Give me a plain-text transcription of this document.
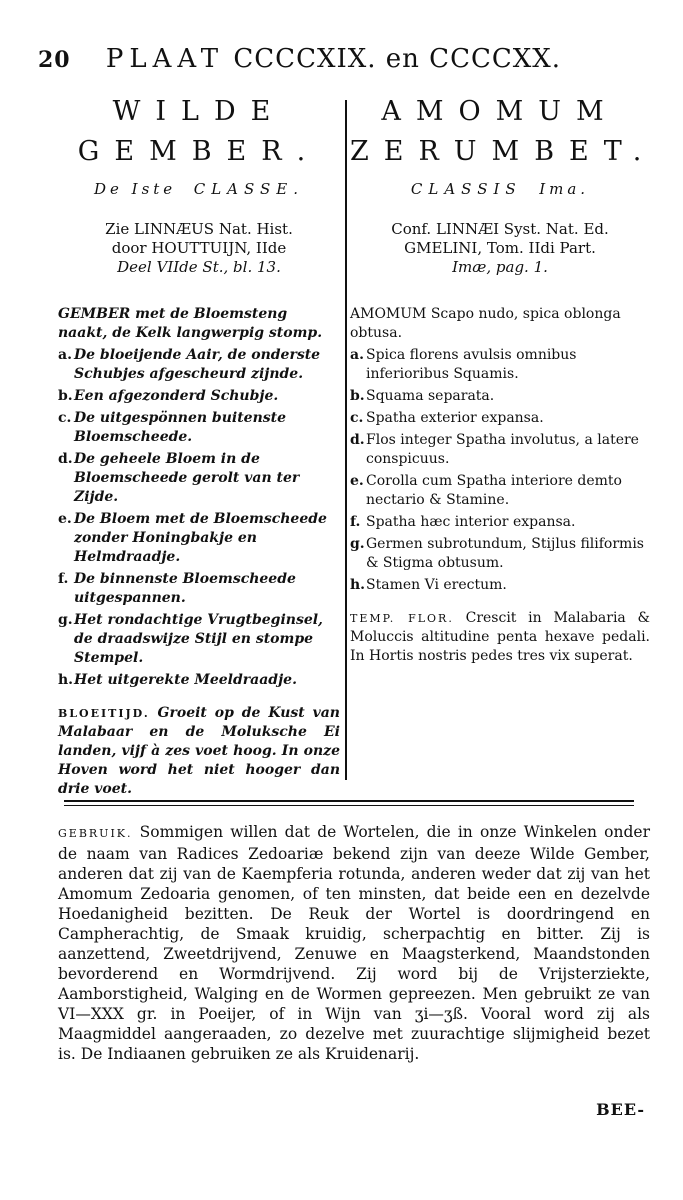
20 PLAAT CCCCXIX. en CCCCXX.
WILDE
GEMBER.
De Iste CLASSE.
Zie LINNÆUS Nat. Hist.
door HOUTTUIJN, IIde
Deel VIIde St., bl. 13.
GEMBER met de Bloemsteng naakt, de Kelk langwerpig stomp.
a. De bloeijende Aair, de onderste Schubjes afgescheurd zijnde.
b. Een afgezonderd Schubje.
c. De uitgespönnen buitenste Bloemscheede.
d. De geheele Bloem in de Bloemscheede gerolt van ter Zijde.
e. De Bloem met de Bloemscheede zonder Honingbakje en Helmdraadje.
f. De binnenste Bloemscheede uitgespannen.
g. Het rondachtige Vrugtbeginsel, de draadswijze Stijl en stompe Stempel.
h. Het uitgerekte Meeldraadje.
BLOEITIJD. Groeit op de Kust van Malabaar en de Moluksche Ei landen, vijf à zes voet hoog. In onze Hoven word het niet hooger dan drie voet.
AMOMUM
ZERUMBET.
CLASSIS Ima.
Conf. LINNÆI Syst. Nat. Ed.
GMELINI, Tom. IIdi Part.
Imæ, pag. 1.
AMOMUM Scapo nudo, spica oblonga obtusa.
a. Spica florens avulsis omnibus inferioribus Squamis.
b. Squama separata.
c. Spatha exterior expansa.
d. Flos integer Spatha involutus, a latere conspicuus.
e. Corolla cum Spatha interiore demto nectario & Stamine.
f. Spatha hæc interior expansa.
g. Germen subrotundum, Stijlus filiformis & Stigma obtusum.
h. Stamen Vi erectum.
TEMP. FLOR. Crescit in Malabaria & Moluccis altitudine penta hexave pedali. In Hortis nostris pedes tres vix superat.
GEBRUIK. Sommigen willen dat de Wortelen, die in onze Winkelen onder de naam van Radices Zedoariæ bekend zijn van deeze Wilde Gember, anderen dat zij van de Kaempferia rotunda, anderen weder dat zij van het Amomum Zedoaria genomen, of ten minsten, dat beide een en dezelvde Hoedanigheid bezitten. De Reuk der Wortel is doordringend en Campherachtig, de Smaak kruidig, scherpachtig en bitter. Zij is aanzettend, Zweetdrijvend, Zenuwe en Maagsterkend, Maandstonden bevorderend en Wormdrijvend. Zij word bij de Vrijsterziekte, Aamborstigheid, Walging en de Wormen gepreezen. Men gebruikt ze van VI—XXX gr. in Poeijer, of in Wijn van ʒi—ʒß. Vooral word zij als Maagmiddel aangeraaden, zo dezelve met zuurachtige slijmigheid bezet is. De Indiaanen gebruiken ze als Kruidenarij.
BEE-
